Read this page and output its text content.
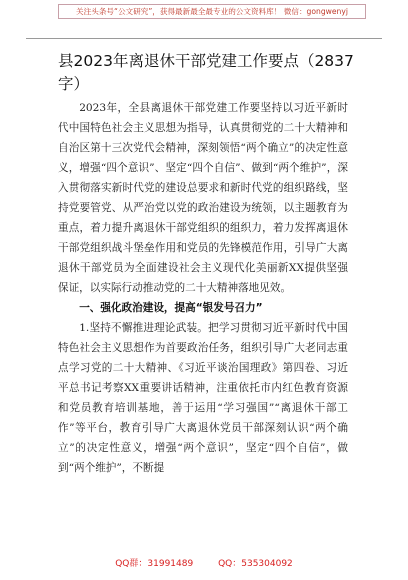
关注头条号“公文研究”，获得最新最全最专业的公文资料库！ 微信：gongwenyj
县2023年离退休干部党建工作要点（2837字）

2023年，全县离退休干部党建工作要坚持以习近平新时代中国特色社会主义思想为指导，认真贯彻党的二十大精神和自治区第十三次党代会精神，深刻领悟“两个确立”的决定性意义，增强“四个意识”、坚定“四个自信”、做到“两个维护”，深入贯彻落实新时代党的建设总要求和新时代党的组织路线，坚持党要管党、从严治党以党的政治建设为统领，以主题教育为重点，着力提升离退休干部党组织的组织力，着力发挥离退休干部党组织战斗堡垒作用和党员的先锋模范作用，引导广大离退休干部党员为全面建设社会主义现代化美丽新XX提供坚强保证，以实际行动推动党的二十大精神落地见效。

一、强化政治建设，提高“银发号召力”

1.坚持不懈推进理论武装。把学习贯彻习近平新时代中国特色社会主义思想作为首要政治任务，组织引导广大老同志重点学习党的二十大精神、《习近平谈治国理政》第四卷、习近平总书记考察XX重要讲话精神，注重依托市内红色教育资源和党员教育培训基地，善于运用“学习强国”“离退休干部工作”等平台，教育引导广大离退休党员干部深刻认识“两个确立”的决定性意义，增强“两个意识”，坚定“四个自信”，做到“两个维护”，不断提

QQ群：31991489	QQ：535304092
